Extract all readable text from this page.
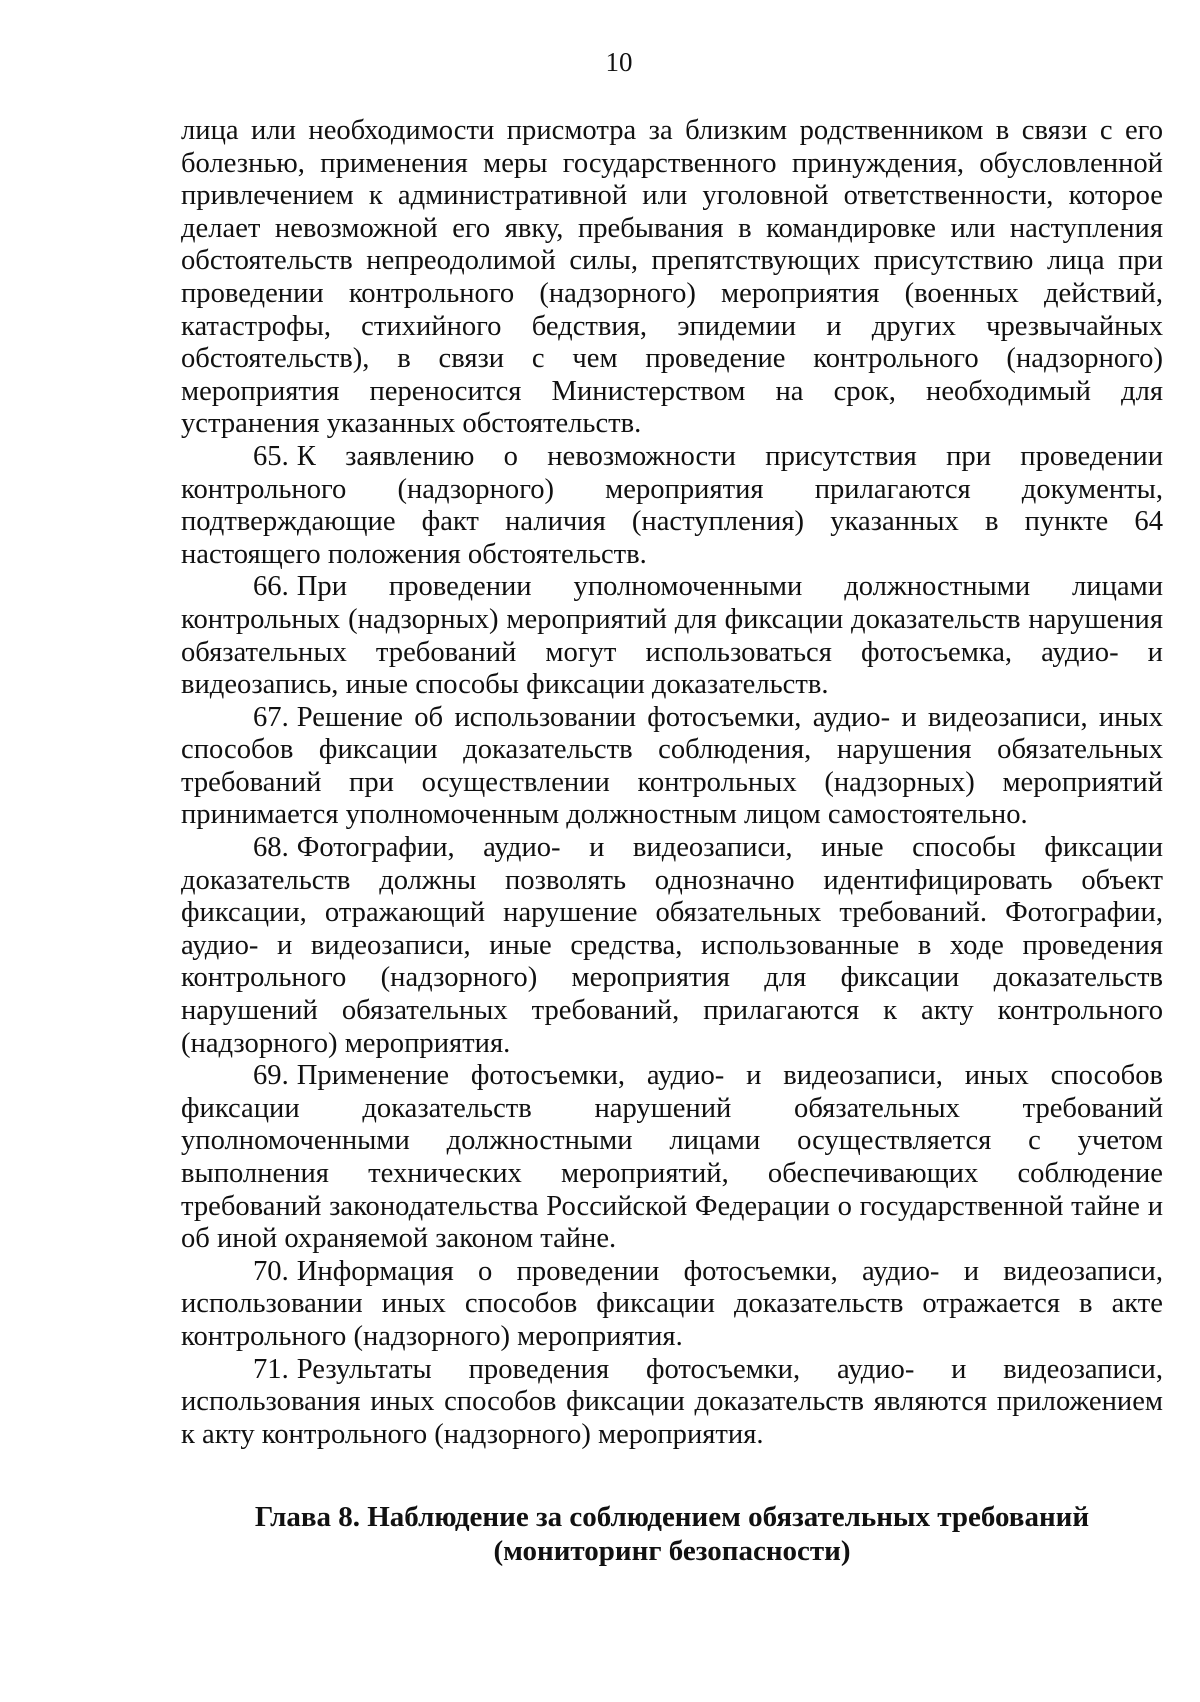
10

лица или необходимости присмотра за близким родственником в связи с его болезнью, применения меры государственного принуждения, обусловленной привлечением к административной или уголовной ответственности, которое делает невозможной его явку, пребывания в командировке или наступления обстоятельств непреодолимой силы, препятствующих присутствию лица при проведении контрольного (надзорного) мероприятия (военных действий, катастрофы, стихийного бедствия, эпидемии и других чрезвычайных обстоятельств), в связи с чем проведение контрольного (надзорного) мероприятия переносится Министерством на срок, необходимый для устранения указанных обстоятельств.

65. К заявлению о невозможности присутствия при проведении контрольного (надзорного) мероприятия прилагаются документы, подтверждающие факт наличия (наступления) указанных в пункте 64 настоящего положения обстоятельств.

66. При проведении уполномоченными должностными лицами контрольных (надзорных) мероприятий для фиксации доказательств нарушения обязательных требований могут использоваться фотосъемка, аудио- и видеозапись, иные способы фиксации доказательств.

67. Решение об использовании фотосъемки, аудио- и видеозаписи, иных способов фиксации доказательств соблюдения, нарушения обязательных требований при осуществлении контрольных (надзорных) мероприятий принимается уполномоченным должностным лицом самостоятельно.

68. Фотографии, аудио- и видеозаписи, иные способы фиксации доказательств должны позволять однозначно идентифицировать объект фиксации, отражающий нарушение обязательных требований. Фотографии, аудио- и видеозаписи, иные средства, использованные в ходе проведения контрольного (надзорного) мероприятия для фиксации доказательств нарушений обязательных требований, прилагаются к акту контрольного (надзорного) мероприятия.

69. Применение фотосъемки, аудио- и видеозаписи, иных способов фиксации доказательств нарушений обязательных требований уполномоченными должностными лицами осуществляется с учетом выполнения технических мероприятий, обеспечивающих соблюдение требований законодательства Российской Федерации о государственной тайне и об иной охраняемой законом тайне.

70. Информация о проведении фотосъемки, аудио- и видеозаписи, использовании иных способов фиксации доказательств отражается в акте контрольного (надзорного) мероприятия.

71. Результаты проведения фотосъемки, аудио- и видеозаписи, использования иных способов фиксации доказательств являются приложением к акту контрольного (надзорного) мероприятия.

Глава 8. Наблюдение за соблюдением обязательных требований
(мониторинг безопасности)
